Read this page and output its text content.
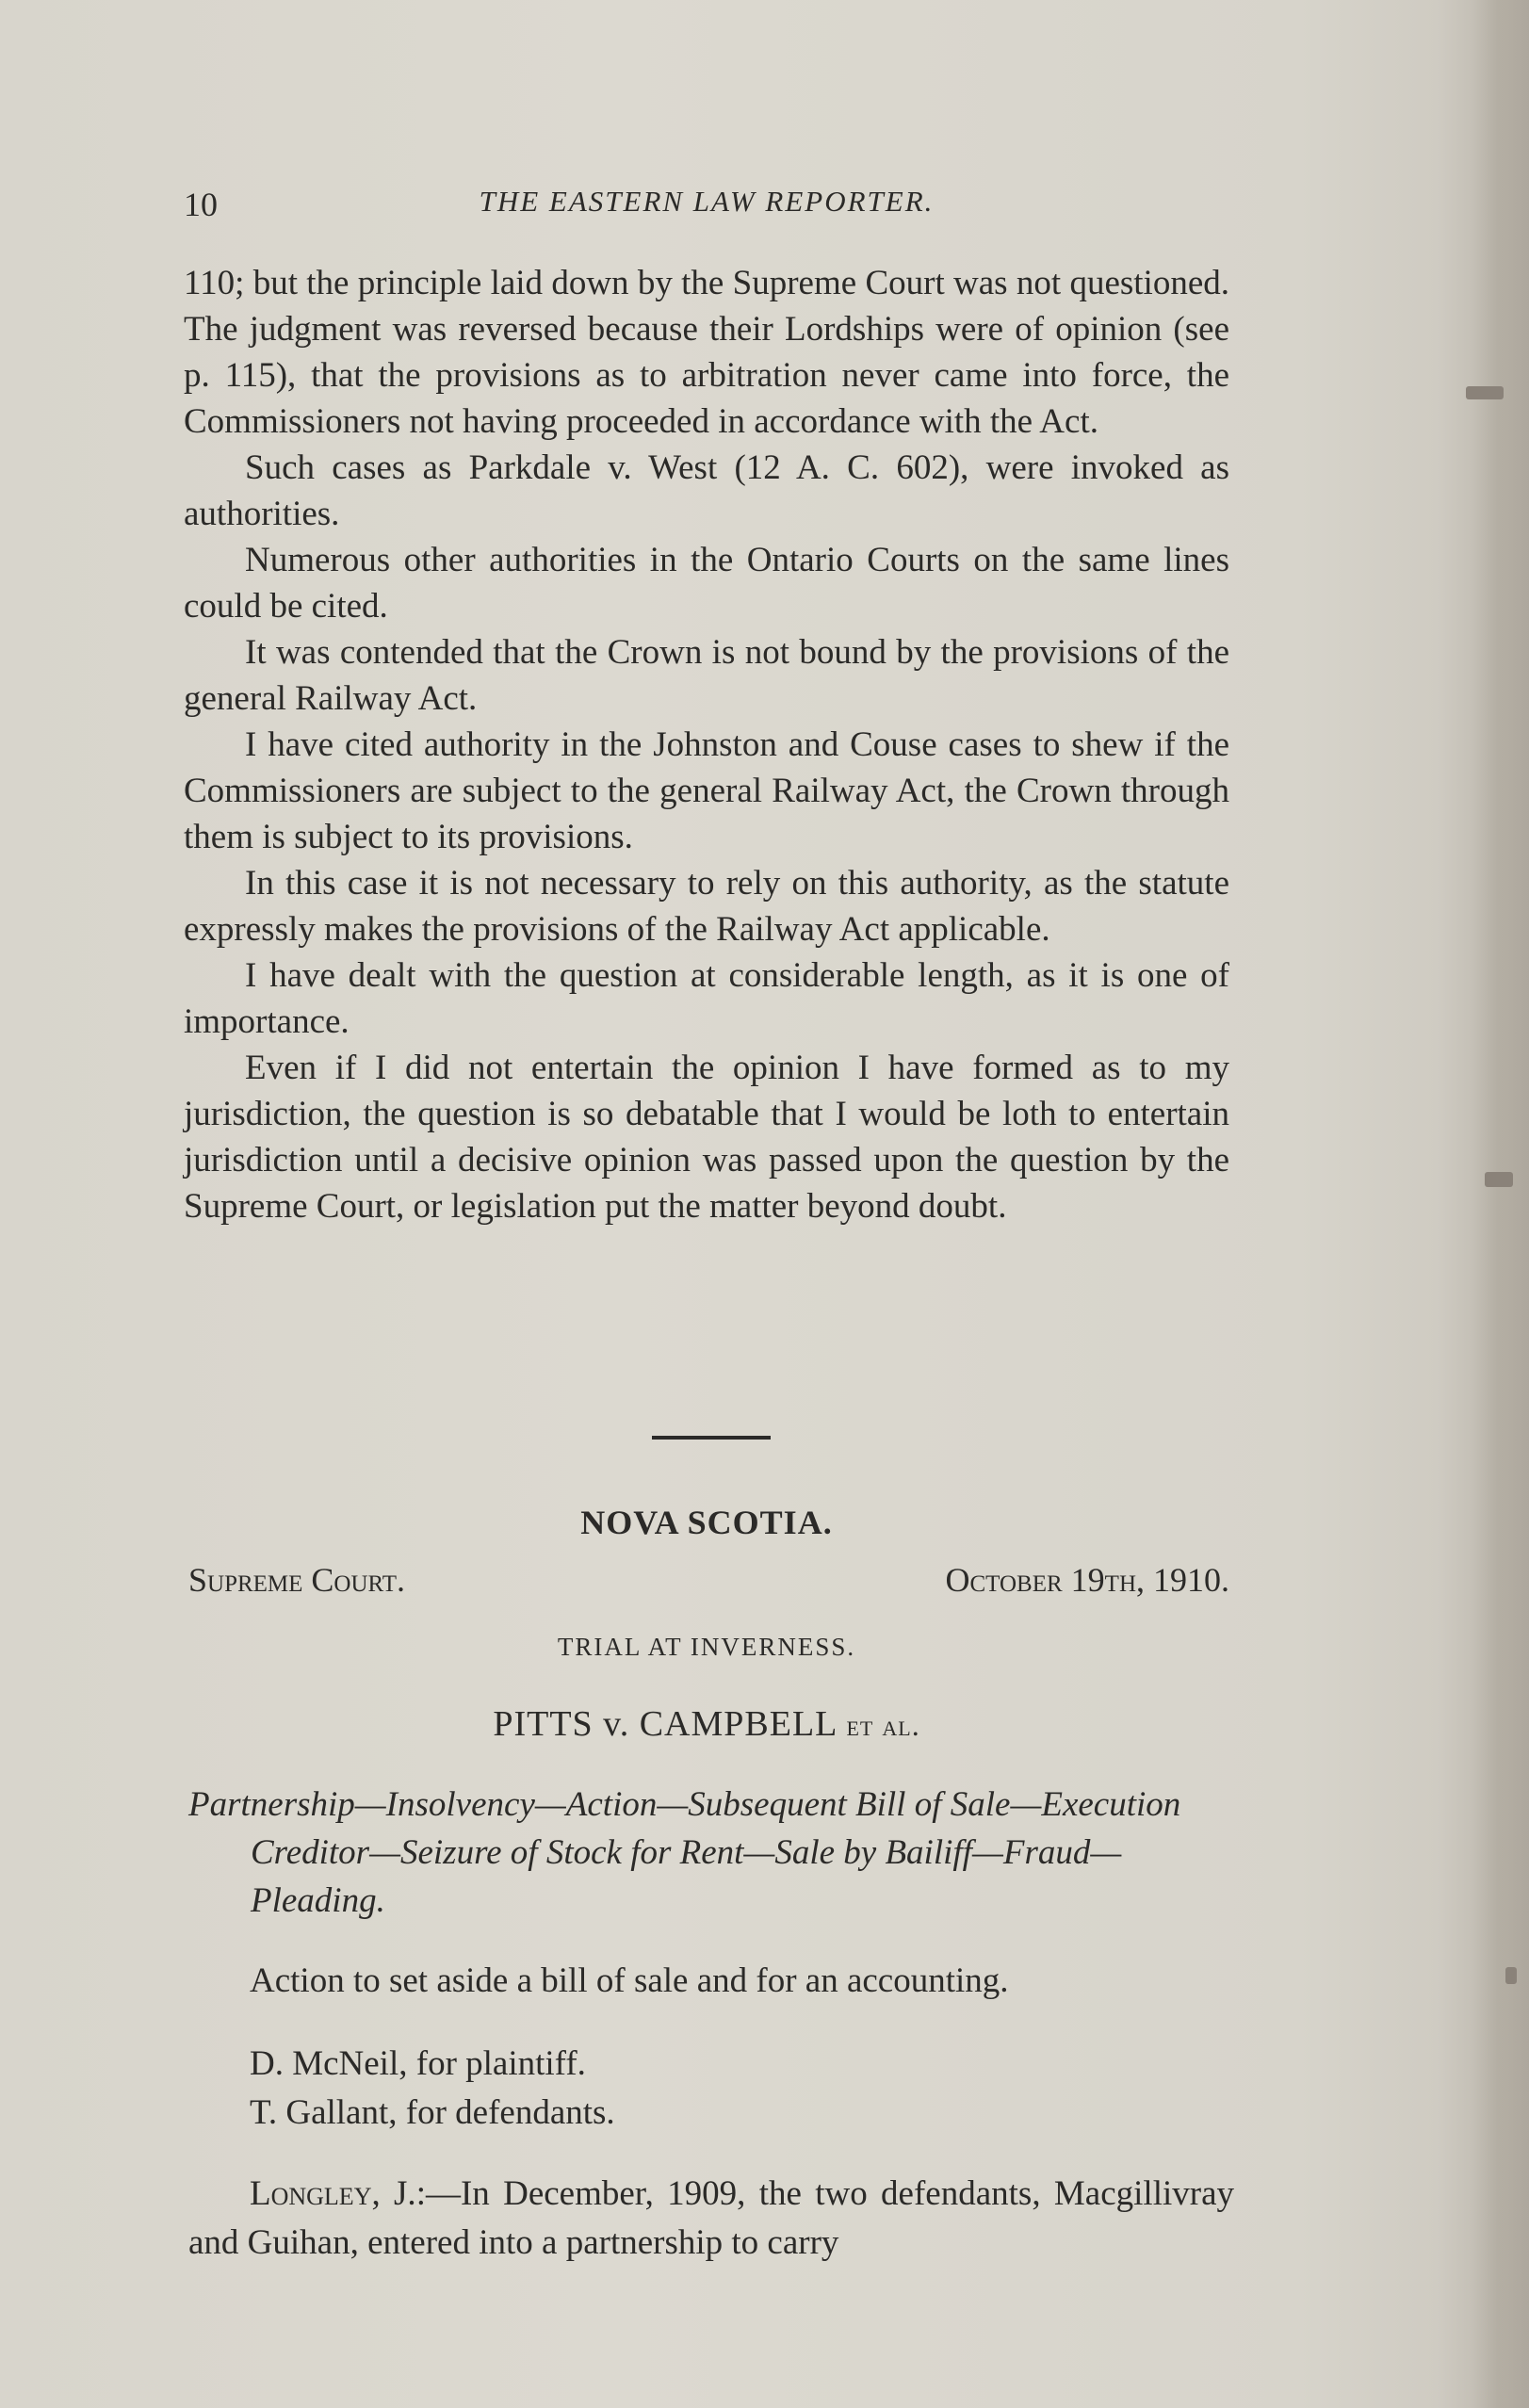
10	THE EASTERN LAW REPORTER.

110; but the principle laid down by the Supreme Court was not questioned. The judgment was reversed because their Lordships were of opinion (see p. 115), that the provisions as to arbitration never came into force, the Commissioners not having proceeded in accordance with the Act.

Such cases as Parkdale v. West (12 A. C. 602), were invoked as authorities.

Numerous other authorities in the Ontario Courts on the same lines could be cited.

It was contended that the Crown is not bound by the provisions of the general Railway Act.

I have cited authority in the Johnston and Couse cases to shew if the Commissioners are subject to the general Railway Act, the Crown through them is subject to its provisions.

In this case it is not necessary to rely on this authority, as the statute expressly makes the provisions of the Railway Act applicable.

I have dealt with the question at considerable length, as it is one of importance.

Even if I did not entertain the opinion I have formed as to my jurisdiction, the question is so debatable that I would be loth to entertain jurisdiction until a decisive opinion was passed upon the question by the Supreme Court, or legislation put the matter beyond doubt.

NOVA SCOTIA.
Supreme Court.	October 19th, 1910.
TRIAL AT INVERNESS.
PITTS v. CAMPBELL et al.
Partnership—Insolvency—Action—Subsequent Bill of Sale—Execution Creditor—Seizure of Stock for Rent—Sale by Bailiff—Fraud—Pleading.
Action to set aside a bill of sale and for an accounting.
D. McNeil, for plaintiff.
T. Gallant, for defendants.
Longley, J.:—In December, 1909, the two defendants, Macgillivray and Guihan, entered into a partnership to carry
